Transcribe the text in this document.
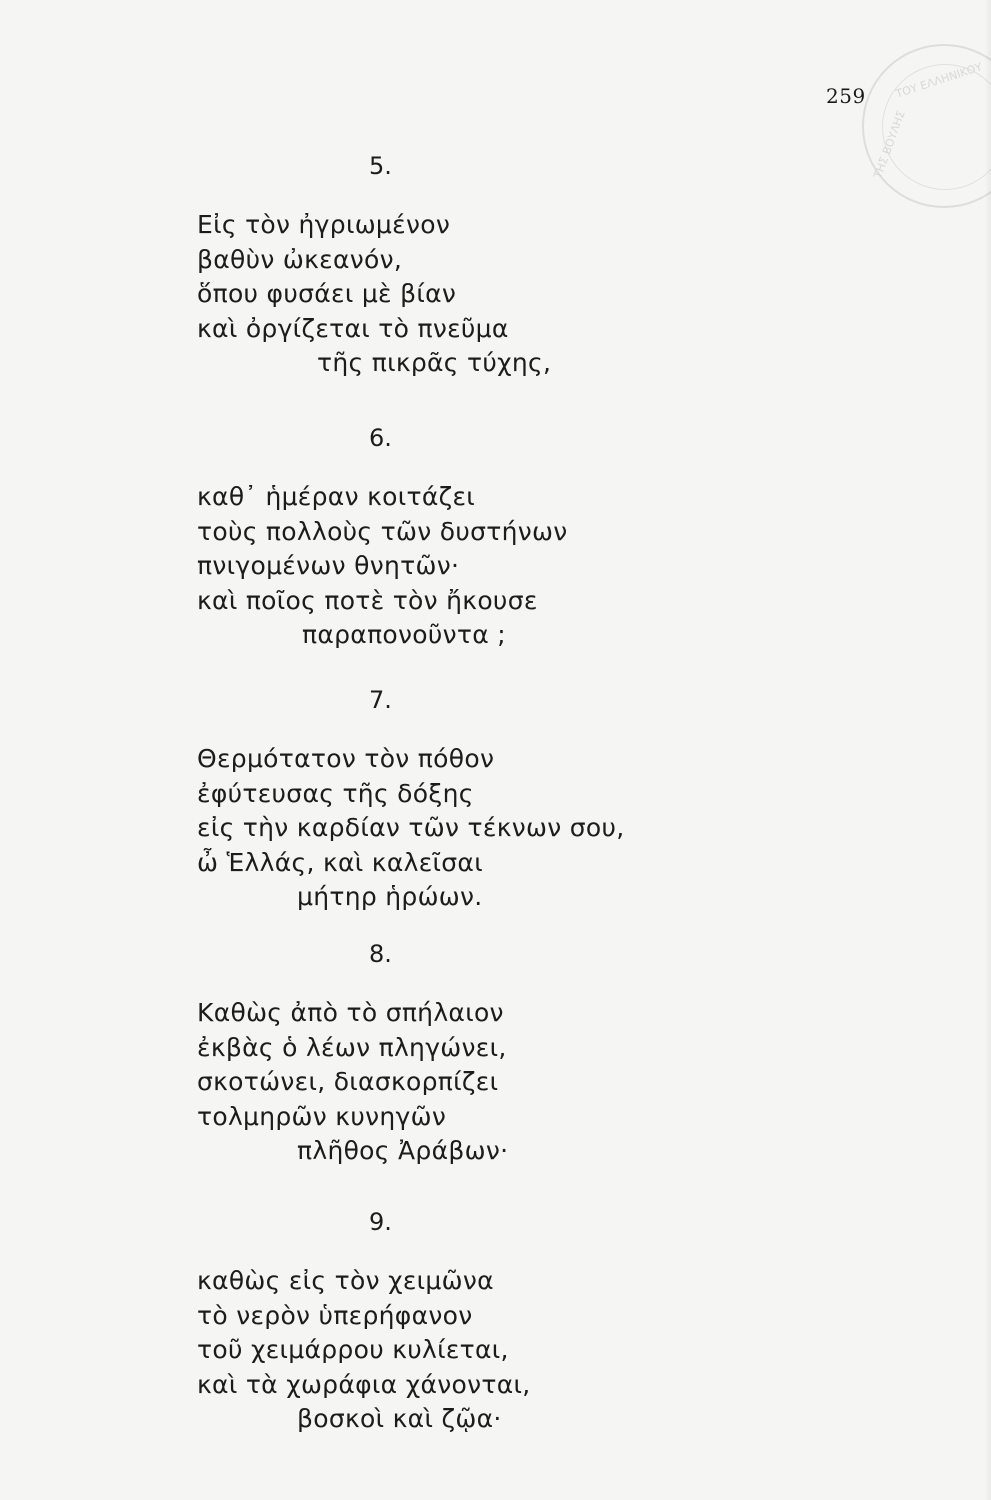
ΤΟΥ ΕΛΛΗΝΙΚΟΥ
ΤΗΣ ΒΟΥΛΗΣ
259
5.
Εἰς τὸν ἠγριωμένον
βαθὺν ὠκεανόν,
ὅπου φυσάει μὲ βίαν
καὶ ὀργίζεται τὸ πνεῦμα
τῆς πικρᾶς τύχης,
6.
καθ᾽ ἡμέραν κοιτάζει
τοὺς πολλοὺς τῶν δυστήνων
πνιγομένων θνητῶν·
καὶ ποῖος ποτὲ τὸν ἤκουσε
παραπονοῦντα ;
7.
Θερμότατον τὸν πόθον
ἐφύτευσας τῆς δόξης
εἰς τὴν καρδίαν τῶν τέκνων σου,
ὦ Ἑλλάς, καὶ καλεῖσαι
μήτηρ ἡρώων.
8.
Καθὼς ἀπὸ τὸ σπήλαιον
ἐκβὰς ὁ λέων πληγώνει,
σκοτώνει, διασκορπίζει
τολμηρῶν κυνηγῶν
πλῆθος Ἀράβων·
9.
καθὼς εἰς τὸν χειμῶνα
τὸ νερὸν ὑπερήφανον
τοῦ χειμάρρου κυλίεται,
καὶ τὰ χωράφια χάνονται,
βοσκοὶ καὶ ζῷα·
